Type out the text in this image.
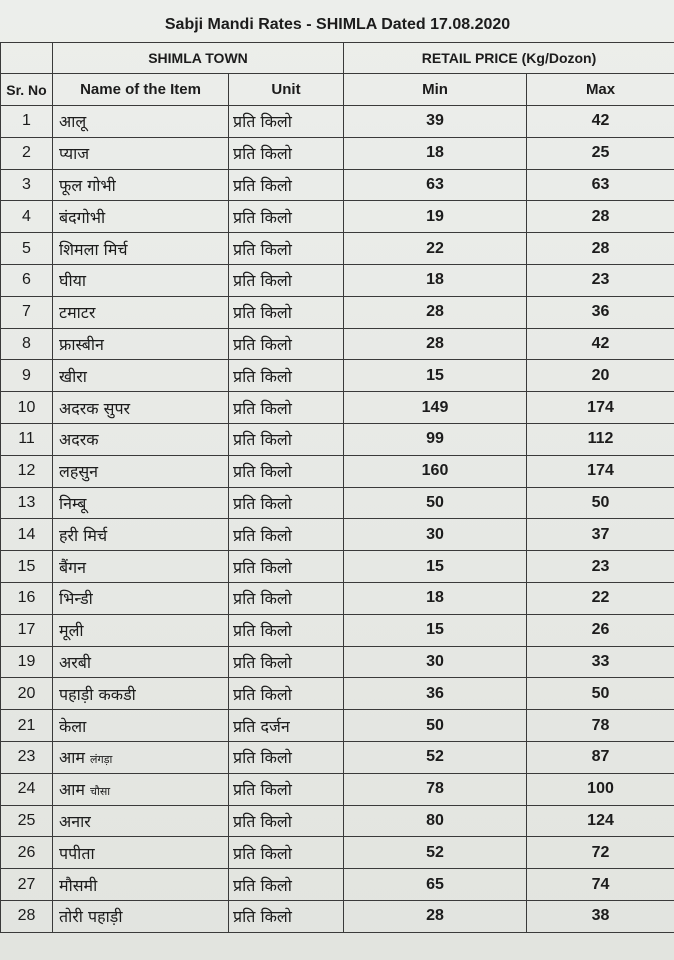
Sabji Mandi Rates - SHIMLA Dated 17.08.2020				
	SHIMLA TOWN		RETAIL PRICE (Kg/Dozon)	
Sr. No	Name of the Item	Unit	Min	Max
1	आलू	प्रति किलो	39	42
2	प्याज	प्रति किलो	18	25
3	फूल गोभी	प्रति किलो	63	63
4	बंदगोभी	प्रति किलो	19	28
5	शिमला मिर्च	प्रति किलो	22	28
6	घीया	प्रति किलो	18	23
7	टमाटर	प्रति किलो	28	36
8	फ्रास्बीन	प्रति किलो	28	42
9	खीरा	प्रति किलो	15	20
10	अदरक सुपर	प्रति किलो	149	174
11	अदरक	प्रति किलो	99	112
12	लहसुन	प्रति किलो	160	174
13	निम्बू	प्रति किलो	50	50
14	हरी मिर्च	प्रति किलो	30	37
15	बैंगन	प्रति किलो	15	23
16	भिन्डी	प्रति किलो	18	22
17	मूली	प्रति किलो	15	26
19	अरबी	प्रति किलो	30	33
20	पहाड़ी ककडी	प्रति किलो	36	50
21	केला	प्रति दर्जन	50	78
23	आम लंगड़ा	प्रति किलो	52	87
24	आम चौसा	प्रति किलो	78	100
25	अनार	प्रति किलो	80	124
26	पपीता	प्रति किलो	52	72
27	मौसमी	प्रति किलो	65	74
28	तोरी पहाड़ी	प्रति किलो	28	38
